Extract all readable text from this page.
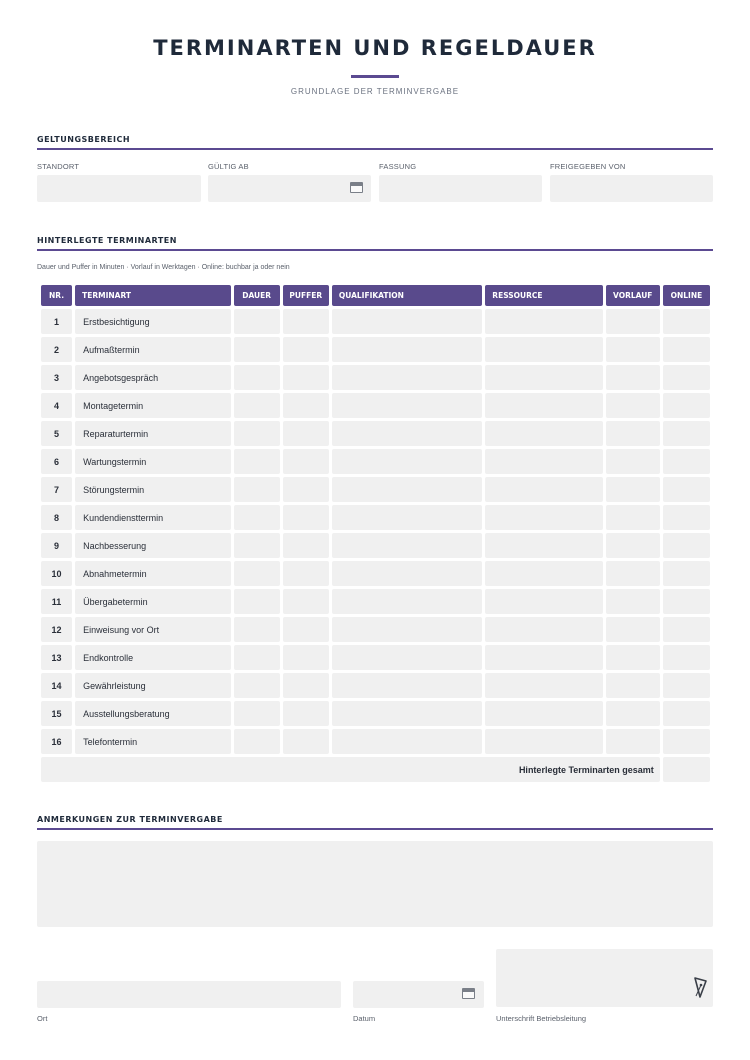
TERMINARTEN UND REGELDAUER
GRUNDLAGE DER TERMINVERGABE
GELTUNGSBEREICH
STANDORT	GÜLTIG AB	FASSUNG	FREIGEGEBEN VON
HINTERLEGTE TERMINARTEN
Dauer und Puffer in Minuten · Vorlauf in Werktagen · Online: buchbar ja oder nein
NR.	TERMINART	DAUER	PUFFER	QUALIFIKATION	RESSOURCE	VORLAUF	ONLINE
1	Erstbesichtigung						
2	Aufmaßtermin						
3	Angebotsgespräch						
4	Montagetermin						
5	Reparaturtermin						
6	Wartungstermin						
7	Störungstermin						
8	Kundendiensttermin						
9	Nachbesserung						
10	Abnahmetermin						
11	Übergabetermin						
12	Einweisung vor Ort						
13	Endkontrolle						
14	Gewährleistung						
15	Ausstellungsberatung						
16	Telefontermin						
Hinterlegte Terminarten gesamt							
ANMERKUNGEN ZUR TERMINVERGABE
Ort	Datum	Unterschrift Betriebsleitung
